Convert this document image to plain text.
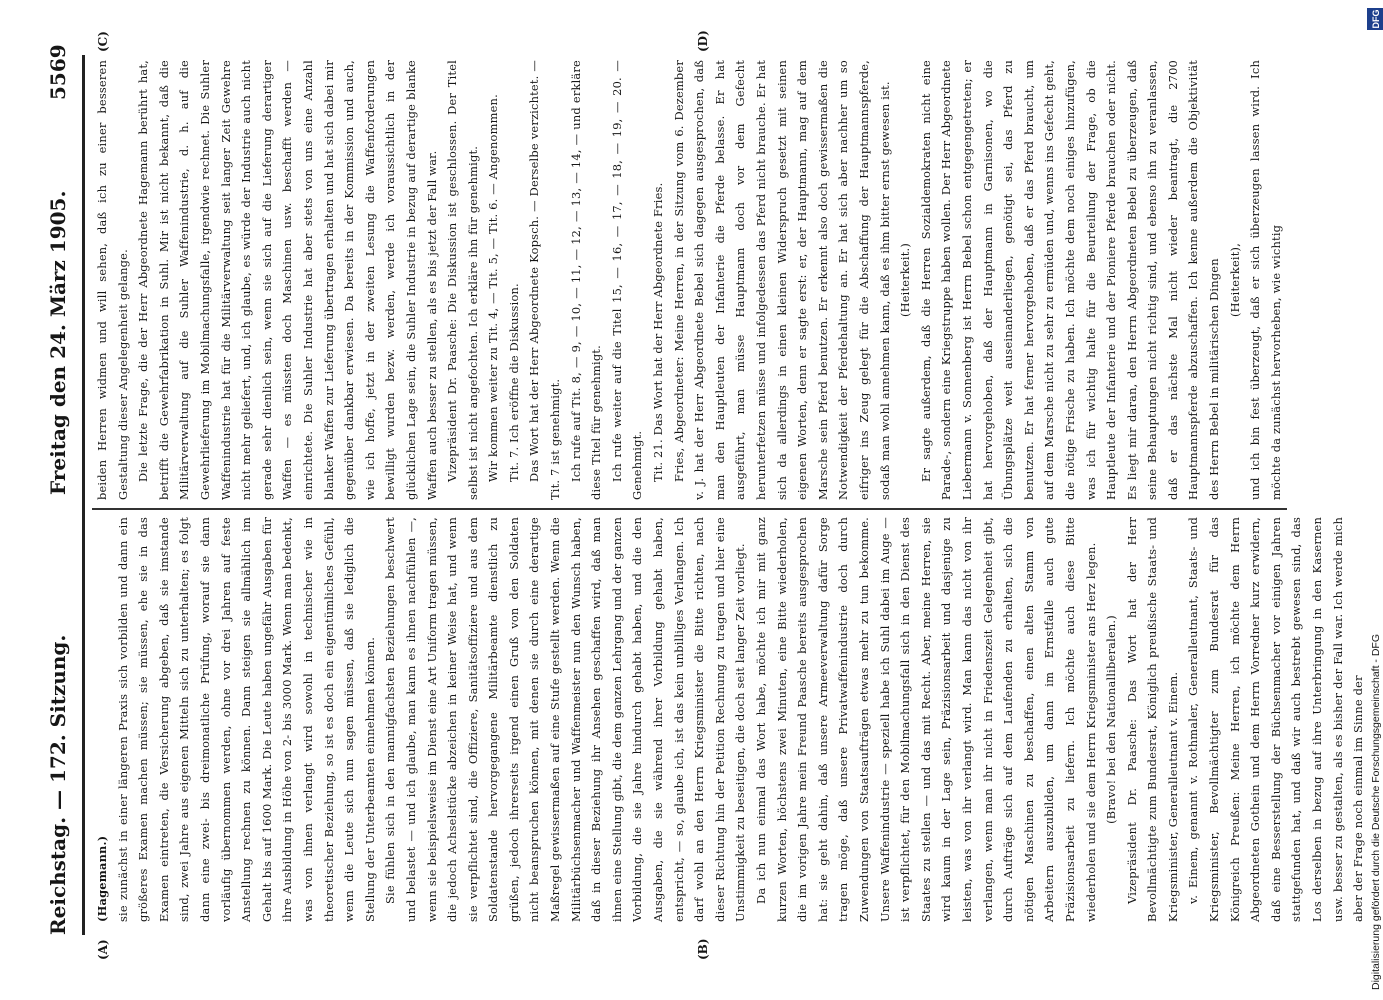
Reichstag. — 172. Sitzung.
Freitag den 24. März 1905.
5569
(A)	(B)
(C)	(D)

(Hagemann.) sie zunächst in einer längeren Praxis sich vorbilden und dann ein größeres Examen machen müssen; sie müssen, ehe sie in das Examen eintreten, die Versicherung abgeben, daß sie imstande sind, zwei Jahre aus eigenen Mitteln sich zu unterhalten; es folgt dann eine zwei- bis dreimonatliche Prüfung, worauf sie dann vorläufig übernommen werden, ohne vor drei Jahren auf feste Anstellung rechnen zu können. Dann steigen sie allmählich im Gehalt bis auf 1600 Mark. Die Leute haben ungefähr Ausgaben für ihre Ausbildung in Höhe von 2- bis 3000 Mark. Wenn man bedenkt, was von ihnen verlangt wird sowohl in technischer wie in theoretischer Beziehung, so ist es doch ein eigentümliches Gefühl, wenn die Leute sich nun sagen müssen, daß sie lediglich die Stellung der Unterbeamten einnehmen können. Sie fühlen sich in den mannigfachsten Beziehungen beschwert und belastet — und ich glaube, man kann es ihnen nachfühlen —, wenn sie beispielsweise im Dienst eine Art Uniform tragen müssen, die jedoch Achselstücke abzeichen in keiner Weise hat, und wenn sie verpflichtet sind, die Offiziere, Sanitätsoffiziere und aus dem Soldatenstande hervorgegangene Militärbeamte dienstlich zu grüßen, jedoch ihrerseits irgend einen Gruß von den Soldaten nicht beanspruchen können, mit denen sie durch eine derartige Maßregel gewissermaßen auf eine Stufe gestellt werden. Wenn die Militärbüchsenmacher und Waffenmeister nun den Wunsch haben, daß in dieser Beziehung ihr Ansehen geschaffen wird, daß man ihnen eine Stellung gibt, die dem ganzen Lehrgang und der ganzen Vorbildung, die sie Jahre hindurch gehabt haben, und die den Ausgaben, die sie während ihrer Vorbildung gehabt haben, entspricht, — so, glaube ich, ist das kein unbilliges Verlangen. Ich darf wohl an den Herrn Kriegsminister die Bitte richten, nach dieser Richtung hin der Petition Rechnung zu tragen und hier eine Unstimmigkeit zu beseitigen, die doch seit langer Zeit vorliegt. Da ich nun einmal das Wort habe, möchte ich mir mit ganz kurzen Worten, höchstens zwei Minuten, eine Bitte wiederholen, die im vorigen Jahre mein Freund Paasche bereits ausgesprochen hat: sie geht dahin, daß unsere Armeeverwaltung dafür Sorge tragen möge, daß unsere Privatwaffenindustrie doch durch Zuwendungen von Staatsaufträgen etwas mehr zu tun bekomme. Unsere Waffenindustrie — speziell habe ich Suhl dabei im Auge — ist verpflichtet, für den Mobilmachungsfall sich in den Dienst des Staates zu stellen — und das mit Recht. Aber, meine Herren, sie wird kaum in der Lage sein, Präzisionsarbeit und dasjenige zu leisten, was von ihr verlangt wird. Man kann das nicht von ihr verlangen, wenn man ihr nicht in Friedenszeit Gelegenheit gibt, durch Aufträge sich auf dem Laufenden zu erhalten, sich die nötigen Maschinen zu beschaffen, einen alten Stamm von Arbeitern auszubilden, um dann im Ernstfalle auch gute Präzisionsarbeit zu liefern. Ich möchte auch diese Bitte wiederholen und sie dem Herrn Kriegsminister ans Herz legen. (Bravo! bei den Nationalliberalen.) Vizepräsident Dr. Paasche: Das Wort hat der Herr Bevollmächtigte zum Bundesrat, Königlich preußische Staats- und Kriegsminister, Generalleutnant v. Einem. v. Einem, genannt v. Rothmaler, Generalleutnant, Staats- und Kriegsminister, Bevollmächtigter zum Bundesrat für das Königreich Preußen: Meine Herren, ich möchte dem Herrn Abgeordneten Gothein und dem Herrn Vorredner kurz erwidern, daß eine Besserstellung der Büchsenmacher vor einigen Jahren stattgefunden hat, und daß wir auch bestrebt gewesen sind, das Los derselben in bezug auf ihre Unterbringung in den Kasernen usw. besser zu gestalten, als es bisher der Fall war. Ich werde mich aber der Frage noch einmal im Sinne der

beiden Herren widmen und will sehen, daß ich zu einer besseren Gestaltung dieser Angelegenheit gelange. Die letzte Frage, die der Herr Abgeordnete Hagemann berührt hat, betrifft die Gewehrfabrikation in Suhl. Mir ist nicht bekannt, daß die Militärverwaltung auf die Suhler Waffenindustrie, d. h. auf die Gewehrlieferung im Mobilmachungsfalle, irgendwie rechnet. Die Suhler Waffenindustrie hat für die Militärverwaltung seit langer Zeit Gewehre nicht mehr geliefert, und, ich glaube, es würde der Industrie auch nicht gerade sehr dienlich sein, wenn sie sich auf die Lieferung derartiger Waffen — es müssten doch Maschinen usw. beschafft werden — einrichtete. Die Suhler Industrie hat aber stets von uns eine Anzahl blanker Waffen zur Lieferung übertragen erhalten und hat sich dabei mir gegenüber dankbar erwiesen. Da bereits in der Kommission und auch, wie ich hoffe, jetzt in der zweiten Lesung die Waffenforderungen bewilligt wurden bezw. werden, werde ich voraussichtlich in der glücklichen Lage sein, die Suhler Industrie in bezug auf derartige blanke Waffen auch besser zu stellen, als es bis jetzt der Fall war. Vizepräsident Dr. Paasche: Die Diskussion ist geschlossen. Der Titel selbst ist nicht angefochten. Ich erkläre ihn für genehmigt. Wir kommen weiter zu Tit. 4, — Tit. 5, — Tit. 6. — Angenommen. Tit. 7. Ich eröffne die Diskussion. Das Wort hat der Herr Abgeordnete Kopsch. — Derselbe verzichtet. — Tit. 7 ist genehmigt. Ich rufe auf Tit. 8, — 9, — 10, — 11, — 12, — 13, — 14, — und erkläre diese Titel für genehmigt. Ich rufe weiter auf die Titel 15, — 16, — 17, — 18, — 19, — 20. — Genehmigt. Tit. 21. Das Wort hat der Herr Abgeordnete Fries. Fries, Abgeordneter: Meine Herren, in der Sitzung vom 6. Dezember v. J. hat der Herr Abgeordnete Bebel sich dagegen ausgesprochen, daß man den Hauptleuten der Infanterie die Pferde belasse. Er hat ausgeführt, man müsse Hauptmann doch vor dem Gefecht herunterfetzen müsse und infolgedessen das Pferd nicht brauche. Er hat sich da allerdings in einen kleinen Widerspruch gesetzt mit seinen eigenen Worten, denn er sagte erst: er, der Hauptmann, mag auf dem Marsche sein Pferd benutzen. Er erkennt also doch gewissermaßen die Notwendigkeit der Pferdehaltung an. Er hat sich aber nachher um so eifriger ins Zeug gelegt für die Abschaffung der Hauptmannspferde, sodaß man wohl annehmen kann, daß es ihm bitter ernst gewesen ist. (Heiterkeit.) Er sagte außerdem, daß die Herren Sozialdemokraten nicht eine Parade-, sondern eine Kriegstruppe haben wollen. Der Herr Abgeordnete Liebermann v. Sonnenberg ist Herrn Bebel schon entgegengetreten; er hat hervorgehoben, daß der Hauptmann in Garnisonen, wo die Übungsplätze weit auseinanderliegen, genötigt sei, das Pferd zu benutzen. Er hat ferner hervorgehoben, daß er das Pferd braucht, um auf dem Marsche nicht zu sehr zu ermüden und, wenns ins Gefecht geht, die nötige Frische zu haben. Ich möchte dem noch einiges hinzufügen, was ich für wichtig halte für die Beurteilung der Frage, ob die Hauptleute der Infanterie und der Pioniere Pferde brauchen oder nicht. Es liegt mir daran, den Herrn Abgeordneten Bebel zu überzeugen, daß seine Behauptungen nicht richtig sind, und ebenso ihn zu veranlassen, daß er das nächste Mal nicht wieder beantragt, die 2700 Hauptmannspferde abzuschaffen. Ich kenne außerdem die Objektivität des Herrn Bebel in militärischen Dingen (Heiterkeit), und ich bin fest überzeugt, daß er sich überzeugen lassen wird. Ich möchte da zunächst hervorheben, wie wichtig

Digitalisierung gefördert durch die Deutsche Forschungsgemeinschaft - DFG
DFG
